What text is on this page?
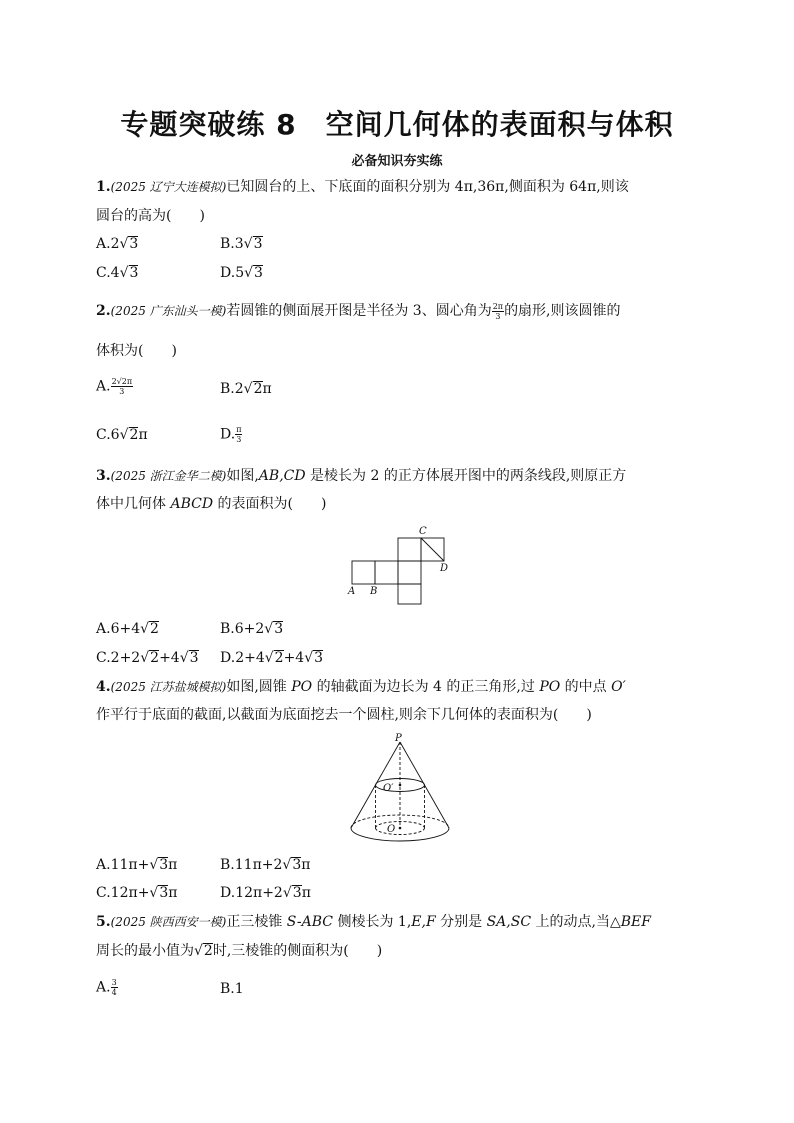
专题突破练 8　空间几何体的表面积与体积
必备知识夯实练
1.(2025 辽宁大连模拟)已知圆台的上、下底面的面积分别为 4π,36π,侧面积为 64π,则该
圆台的高为(　　)
A.2√3	B.3√3
C.4√3	D.5√3
2.(2025 广东汕头一模)若圆锥的侧面展开图是半径为 3、圆心角为 $\frac{2\pi}{3}$ 的扇形,则该圆锥的
体积为(　　)
A. $\frac{2√2\pi}{3}$	B.2√2π
C.6√2π	D. $\frac{\pi}{3}$
3.(2025 浙江金华二模)如图,AB,CD 是棱长为 2 的正方体展开图中的两条线段,则原正方
体中几何体 ABCD 的表面积为(　　)
C
D
A B
A.6+4√2	B.6+2√3
C.2+2√2+4√3 D.2+4√2+4√3
4.(2025 江苏盐城模拟)如图,圆锥 PO 的轴截面为边长为 4 的正三角形,过 PO 的中点 O′
作平行于底面的截面,以截面为底面挖去一个圆柱,则余下几何体的表面积为(　　)
P
O′
O
A.11π+√3π	B.11π+2√3π
C.12π+√3π	D.12π+2√3π
5.(2025 陕西西安一模)正三棱锥 S-ABC 侧棱长为 1,E,F 分别是 SA,SC 上的动点,当△BEF
周长的最小值为√2时,三棱锥的侧面积为(　　)
A. $\frac{3}{4}$	B.1
